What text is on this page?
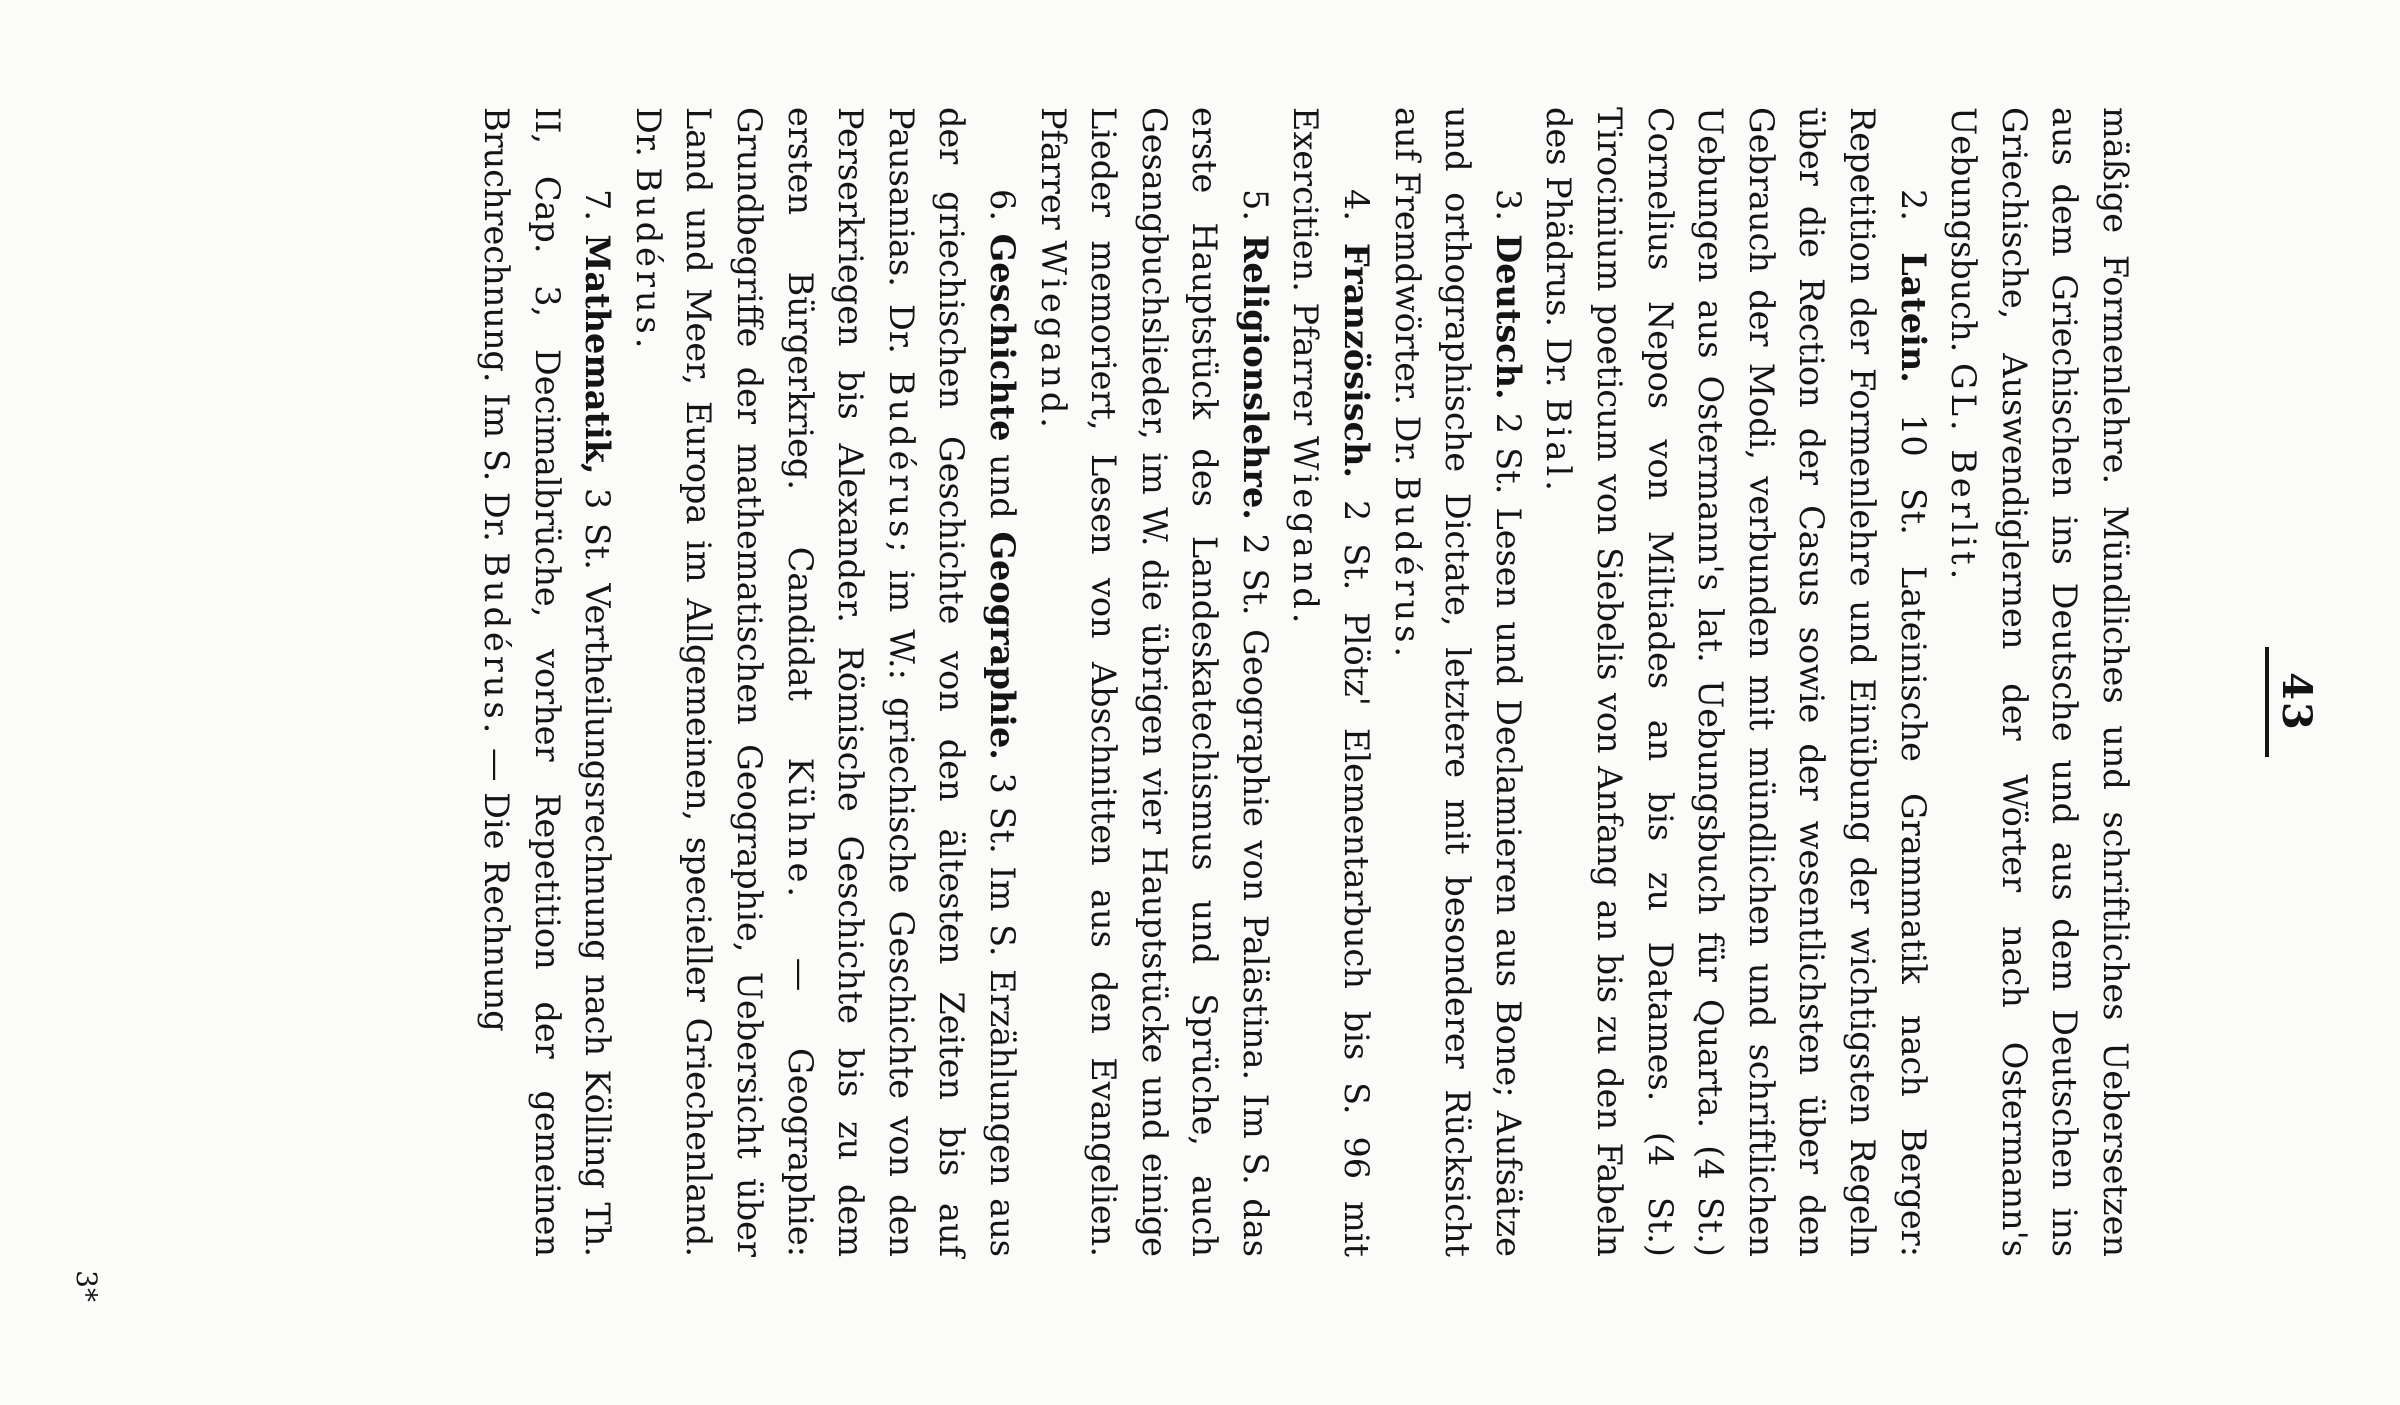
43

mäßige Formenlehre. Mündliches und schriftliches Uebersetzen aus dem Griechischen ins Deutsche und aus dem Deutschen ins Griechische, Auswendiglernen der Wörter nach Ostermann's Uebungsbuch. GL. Berlit.

2. Latein. 10 St. Lateinische Grammatik nach Berger: Repetition der Formenlehre und Einübung der wichtigsten Regeln über die Rection der Casus sowie der wesentlichsten über den Gebrauch der Modi, verbunden mit mündlichen und schriftlichen Uebungen aus Ostermann's lat. Uebungsbuch für Quarta. (4 St.) Cornelius Nepos von Miltiades an bis zu Datames. (4 St.) Tirocinium poeticum von Siebelis von Anfang an bis zu den Fabeln des Phädrus. Dr. Bial.

3. Deutsch. 2 St. Lesen und Declamieren aus Bone; Aufsätze und orthographische Dictate, letztere mit besonderer Rücksicht auf Fremdwörter. Dr. Budérus.

4. Französisch. 2 St. Plötz' Elementarbuch bis S. 96 mit Exercitien. Pfarrer Wiegand.

5. Religionslehre. 2 St. Geographie von Palästina. Im S. das erste Hauptstück des Landeskatechismus und Sprüche, auch Gesangbuchslieder, im W. die übrigen vier Hauptstücke und einige Lieder memoriert, Lesen von Abschnitten aus den Evangelien. Pfarrer Wiegand.

6. Geschichte und Geographie. 3 St. Im S. Erzählungen aus der griechischen Geschichte von den ältesten Zeiten bis auf Pausanias. Dr. Budérus; im W.: griechische Geschichte von den Perserkriegen bis Alexander. Römische Geschichte bis zu dem ersten Bürgerkrieg. Candidat Kühne. — Geographie: Grundbegriffe der mathematischen Geographie, Uebersicht über Land und Meer, Europa im Allgemeinen, specieller Griechenland. Dr. Budérus.

7. Mathematik, 3 St. Vertheilungsrechnung nach Kölling Th. II, Cap. 3, Decimalbrüche, vorher Repetition der gemeinen Bruchrechnung. Im S. Dr. Budérus. — Die Rechnung

3*
